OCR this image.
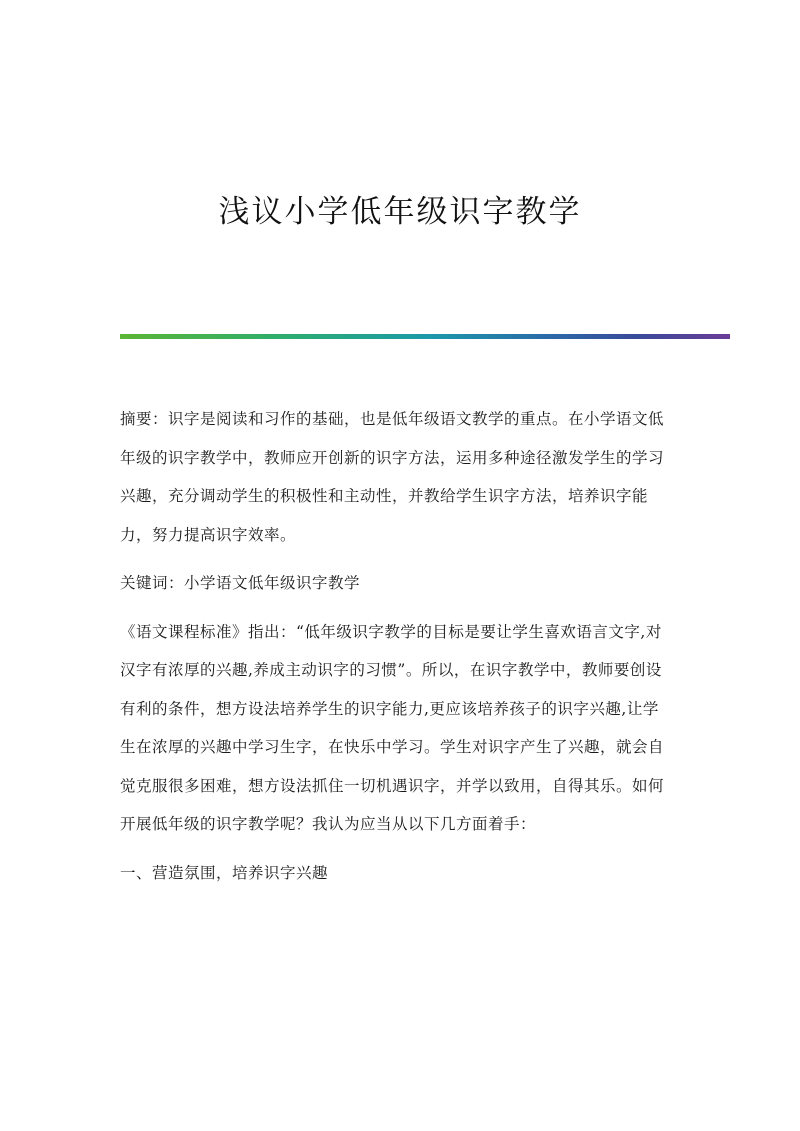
浅议小学低年级识字教学

摘要：识字是阅读和习作的基础，也是低年级语文教学的重点。在小学语文低年级的识字教学中，教师应开创新的识字方法，运用多种途径激发学生的学习兴趣，充分调动学生的积极性和主动性，并教给学生识字方法，培养识字能力，努力提高识字效率。

关键词：小学语文低年级识字教学

《语文课程标准》指出：“低年级识字教学的目标是要让学生喜欢语言文字,对汉字有浓厚的兴趣,养成主动识字的习惯”。所以，在识字教学中，教师要创设有利的条件，想方设法培养学生的识字能力,更应该培养孩子的识字兴趣,让学生在浓厚的兴趣中学习生字，在快乐中学习。学生对识字产生了兴趣，就会自觉克服很多困难，想方设法抓住一切机遇识字，并学以致用，自得其乐。如何开展低年级的识字教学呢？我认为应当从以下几方面着手：

一、营造氛围，培养识字兴趣
